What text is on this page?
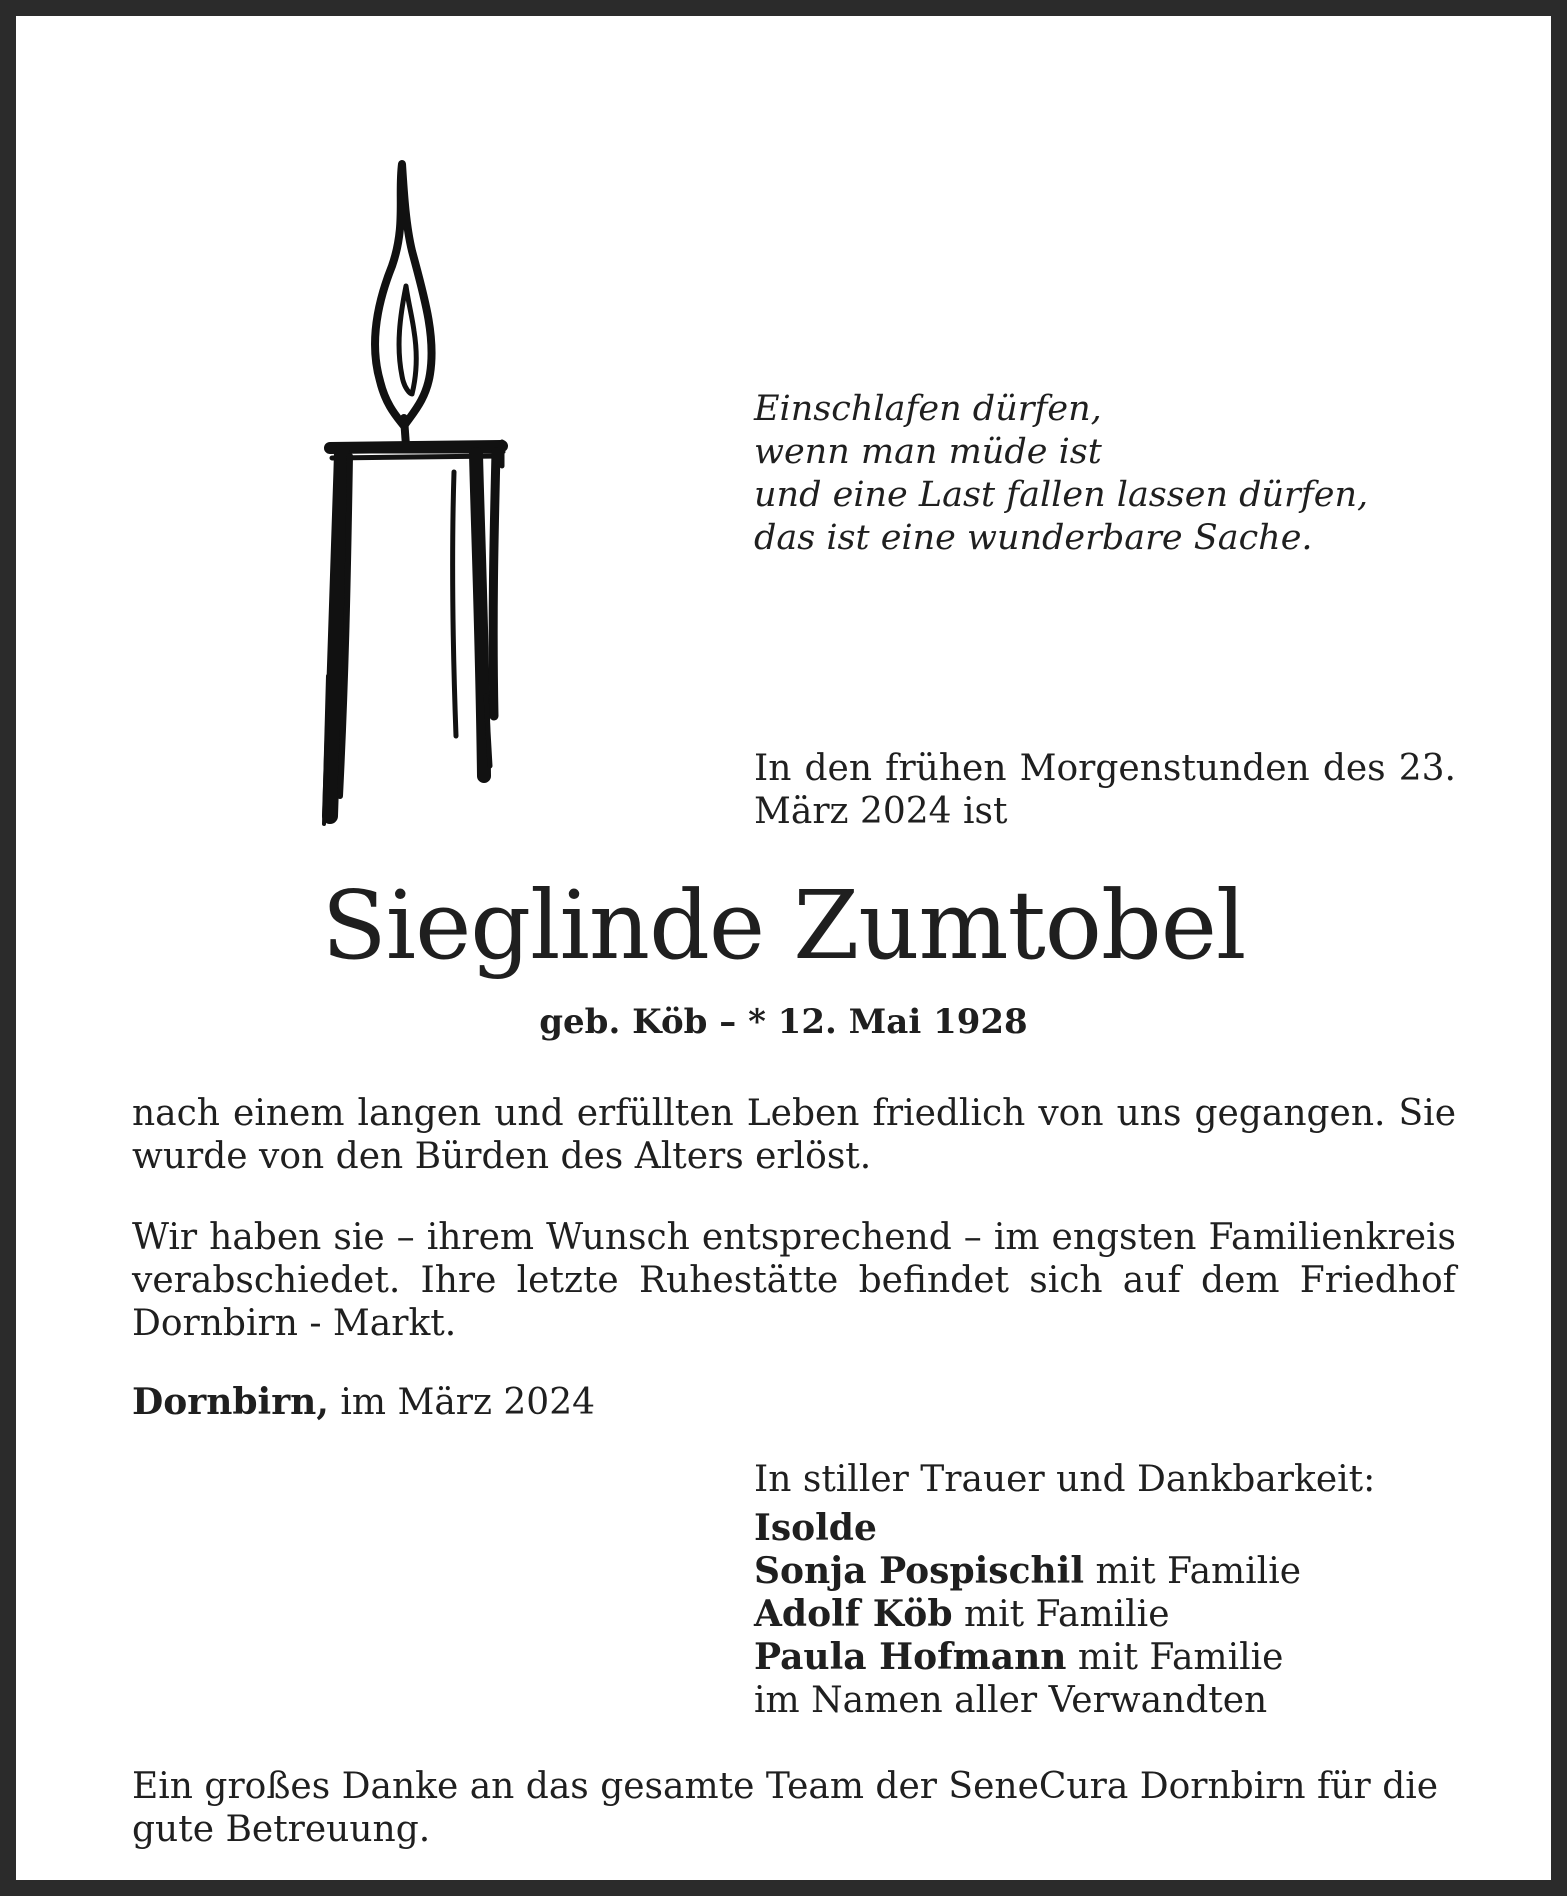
Einschlafen dürfen,
wenn man müde ist
und eine Last fallen lassen dürfen,
das ist eine wunderbare Sache.
In den frühen Morgenstunden des 23. März 2024 ist
Sieglinde Zumtobel
geb. Köb – * 12. Mai 1928
nach einem langen und erfüllten Leben friedlich von uns gegangen. Sie wurde von den Bürden des Alters erlöst.
Wir haben sie – ihrem Wunsch entsprechend – im engsten Familienkreis verabschiedet. Ihre letzte Ruhestätte befindet sich auf dem Friedhof Dornbirn - Markt.
Dornbirn, im März 2024
In stiller Trauer und Dankbarkeit:
Isolde
Sonja Pospischil mit Familie
Adolf Köb mit Familie
Paula Hofmann mit Familie
im Namen aller Verwandten
Ein großes Danke an das gesamte Team der SeneCura Dornbirn für die gute Betreuung.
